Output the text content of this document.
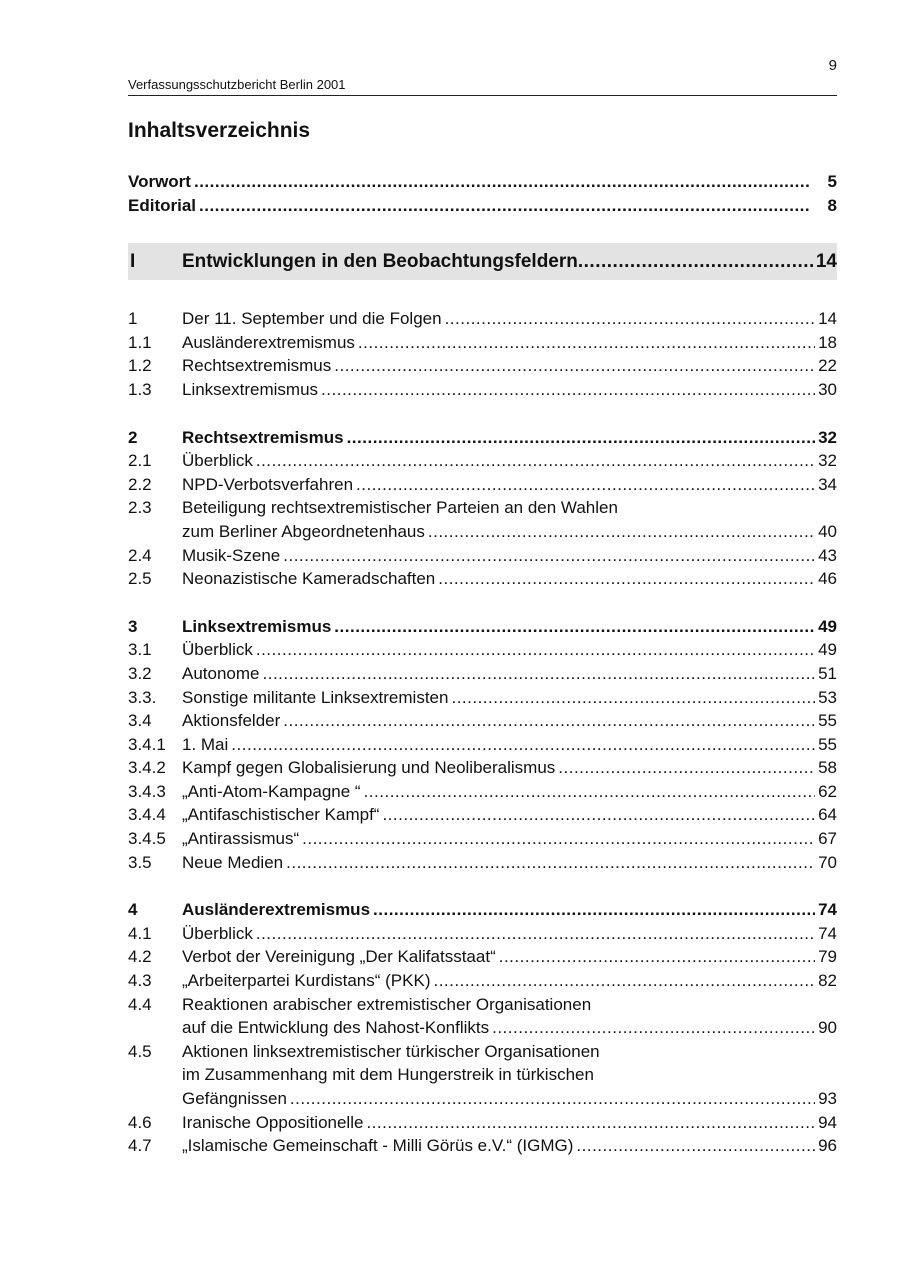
9
Verfassungsschutzbericht Berlin 2001
Inhaltsverzeichnis
Vorwort .....	5
Editorial .....	8
I	Entwicklungen in den Beobachtungsfeldern .....	14
1	Der 11. September und die Folgen .....	14
1.1	Ausländerextremismus .....	18
1.2	Rechtsextremismus .....	22
1.3	Linksextremismus .....	30
2	Rechtsextremismus .....	32
2.1	Überblick .....	32
2.2	NPD-Verbotsverfahren .....	34
2.3	Beteiligung rechtsextremistischer Parteien an den Wahlen
zum Berliner Abgeordnetenhaus .....	40
2.4	Musik-Szene .....	43
2.5	Neonazistische Kameradschaften .....	46
3	Linksextremismus .....	49
3.1	Überblick .....	49
3.2	Autonome .....	51
3.3.	Sonstige militante Linksextremisten .....	53
3.4	Aktionsfelder .....	55
3.4.1 1. Mai .....	55
3.4.2 Kampf gegen Globalisierung und Neoliberalismus .....	58
3.4.3 „Anti-Atom-Kampagne “ .....	62
3.4.4 „Antifaschistischer Kampf“ .....	64
3.4.5 „Antirassismus“ .....	67
3.5	Neue Medien .....	70
4	Ausländerextremismus .....	74
4.1	Überblick .....	74
4.2	Verbot der Vereinigung „Der Kalifatsstaat“ .....	79
4.3	„Arbeiterpartei Kurdistans“ (PKK) .....	82
4.4	Reaktionen arabischer extremistischer Organisationen
auf die Entwicklung des Nahost-Konflikts .....	90
4.5	Aktionen linksextremistischer türkischer Organisationen
im Zusammenhang mit dem Hungerstreik in türkischen
Gefängnissen .....	93
4.6	Iranische Oppositionelle .....	94
4.7	„Islamische Gemeinschaft - Milli Görüs e.V.“ (IGMG) .....	96
